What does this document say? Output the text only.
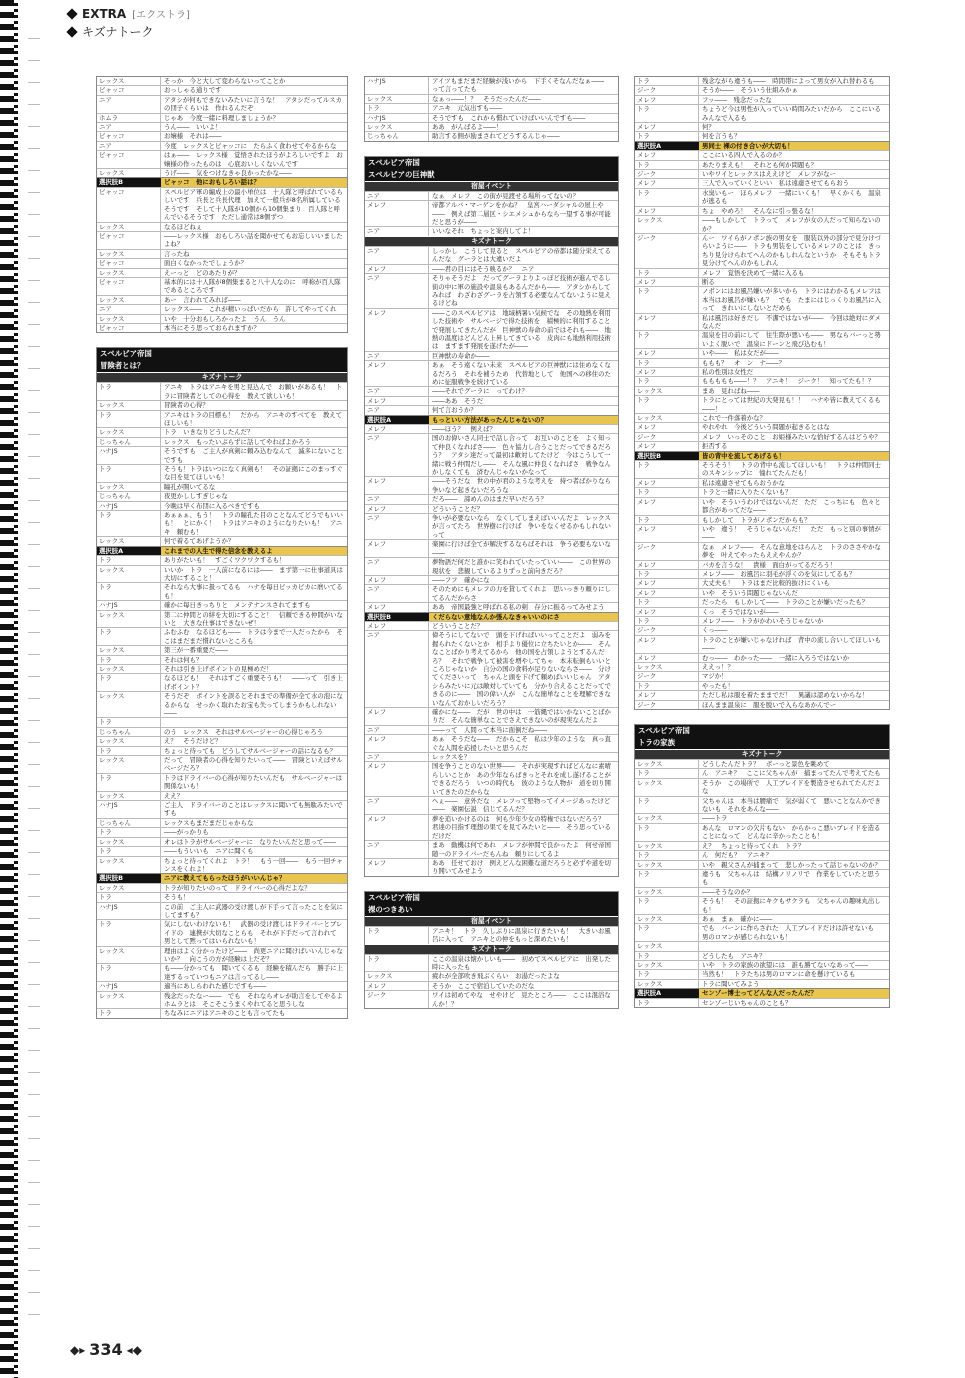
EXTRA [エクストラ]
キズナトーク
レックス	そっか　今と大して変わらないってことか
ビャッコ	おっしゃる通りです
ニア	アタシが何もできないみたいに言うな！　アタシだってルスカの団子くらいは　作れるんだぞ
ホムラ	じゃあ　今度一緒に料理しましょうか？
ニア	うん――　いいよ！
ビャッコ	お嬢様　それは――
ニア	今度　レックスとビャッコに　たらふく食わせてやるからな
ビャッコ	はぁ――　レックス様　覚悟されたほうがよろしいですよ　お嬢様の作ったものは　心底おいしくないんです
レックス	うげ――　気をつけなきゃ良かったかな――
選択肢B	ビャッコ　他におもしろい話は？
ビャッコ	スペルビア軍の編成上の最小単位は　十人隊と呼ばれているらしいです　兵長と兵長代理　加えて一般兵が8名所属しているそうです　そして十人隊が10個から10個集まり　百人隊と呼んでいるそうです　ただし通常は8個ずつ
レックス	なるほどねぇ
ビャッコ	――レックス様　おもしろい話を聞かせてもお忘しいいましたよね？
レックス	言ったね
ビャッコ	面白くなかったでしょうか？
レックス	えーっと　どのあたりが？
ビャッコ	基本的には十人隊が8個集まると八十人なのに　呼称が百人隊であるところです
レックス	あー　言われてみれば――
ニア	レックス――　これが精いっぱいだから　許してやってくれ
レックス	いや　十分おもしろかったよ　うん　うん
ビャッコ	本当にそう思っておられますか？
スペルビア帝国
冒険者とは？
キズナトーク
トラ	アニキ　トラはアニキを男と見込んで　お願いがあるも！　トラに冒険者としての心得を　教えて欲しいも！
レックス	冒険者の心得？
トラ	アニキはトラの目標も！　だから　アニキのすべてを　教えてほしいも！
レックス	トラ　いきなりどうしたんだ？
じっちゃん	レックス　もったいぶらずに話してやればよかろう
ハナJS	そうですも　ご主人が真剣に頼み込むなんて　滅多にないことですも
トラ	そうも！トラはいつになく真剣も！　その証拠にこのまっすぐな目を見てほしいも！
レックス	瞳孔が開いてるな
じっちゃん	夜更かししすぎじゃな
ハナJS	今晩は早く布団に入るべきですも
トラ	あぁぁぁ、もう！　トラの瞳孔た目のことなんてどうでもいいも！　とにかく！　トラはアニキのようになりたいも！　アニキ　頼むも！
レックス	何で着るてあげようか？
選択肢A	これまでの人生で得た信念を教えるよ
トラ	ありがたいも！　すごくワクワクするも！
レックス	いいか　トラ　一人前になるには――　まず第一に仕事道具は大切にすること！
トラ	それなら大事に扱ってるも　ハナを毎日ピッカピカに磨いてるも！
ハナJS	確かに毎日きっちりと　メンテナンスされてますも
レックス	第二に仲間との絆を大切にすること！　信頼できる仲間がいないと　大きな仕事はできないぜ！
トラ	ふむふむ　なるほども――　トラは今まで一人だったから　そこはまだまだ慣れないところも
レックス	第三が一番重要だ――
トラ	それは何も？
レックス	それは引き上げポイントの見極めだ！
トラ	なるほども！　それはすごく重要そうも！　――って　引き上げポイント？
レックス	そうだぞ　ポイントを誤るとそれまでの準備が全て水の泡になるからな　せっかく取れたお宝も失ってしまうかもしれない――
トラ
じっちゃん	のう　レックス　それはサルベージャーの心得じゃろう
レックス	え？　そうだけど？
トラ	ちょっと待っても　どうしてサルベージャーの話になるも？
レックス	だって　冒険者の心得を知りたいって――　冒険といえばサルベージだろ？
トラ	トラはドライバーの心得が知りたいんだも　サルベージャーは関係ないも！
レックス	ええ？
ハナJS	ご主人　ドライバーのことはレックスに聞いても無駄みたいですも
じっちゃん	レックスもまだまだじゃからな
トラ	――がっかりも
レックス	オレはトラがサルベージャーに　なりたいんだと思って――
トラ	――もういいも　ニアに聞くも
レックス	ちょっと待ってくれよ　トラ！　もう一回――　もう一回チャンスをくれよ！
選択肢B	ニアに教えてもらったほうがいいんじゃ？
レックス	トラが知りたいのって　ドライバーの心得だよな？
トラ	そうも！
ハナJS	この前　ご主人に武器の受け渡しが下手って言ったことを気にしてますも？
トラ	気にしないわけないも！　武器の受け渡しはドライバーとブレイドの　連携が大切なことらも　それが下手だって言われて　男として黙ってはいられないも！
レックス	理由はよく分かったけど――　尚更ニアに聞けばいいんじゃないか？　向こうの方が経験は上だぞ？
トラ	も――分かっても　聞いてくるも　経験を積んだら　勝手に上達するっていつもニアは言ってるし――
ハナJS	適当にあしらわれた感じですも――
レックス	残念だったなー――　でも　それならオレが助言をしてやるよ　ホムラとは　そこそこうまくやれてると思うしな
トラ	ちなみにニアはアニキのことも言ってたも
ハナJS	アイツもまだまだ経験が浅いから　下手くそなんだなぁ――　って言ってたも
レックス	なぁっ――！？　そうだったんだ――
トラ	アニキ　元気出すも――
ハナJS	そうですも　これから慣れていけばいいんですも――
レックス	ああ　がんばるよ――！
じっちゃん	助言する側が励まされてどうするんじゃ――
スペルビア帝国
スペルビアの巨神獣
宿屋イベント
ニア	なぁ　メレフ　この街が見渡せる場所ってないの？
メレフ	帝都アルバ・マーゲンをかね？　皇宮ハーダシャルの屋上や――　例えば第二層区・シエメシュからなら一望する事が可能だと思うが――
ニア	いいなそれ　ちょっと案内してよ！
キズナトーク
ニア	しっかし　こうして見ると　スペルビアの帝都は随分栄えてるんだな　グーラとは大違いだよ
メレフ	――君の目にはそう映るか？　ニア
ニア	そりゃそうだよ　だってグーラよりよっぽど技術が進んでるし　街の中に軍の施設や温泉もあるんだから――　アタシからしてみれば　わざわざグーラを占領する必要なんてないように見えるけどね
メレフ	――このスペルビアは　地域柄暑い気候でな　その地熱を利用した技術や　サルベージで得た技術を　積極的に利用することで発展してきたんだが　巨神獣の寿命の前ではそれも――　地熱の温度はどんどん上昇してきている　皮肉にも地熱利用技術は　ますます発展を遂げたが――
ニア	巨神獣の寿命か――
メレフ	あぁ　そう遠くない未来　スペルビアの巨神獣には住めなくなるだろう　それを補うため　代替地として　他国への移住のために征服戦争を続けている
ニア	――それでグーラに　ってわけ？
メレフ	――ああ　そうだ
ニア	何て言おうか？
選択肢A	もっといい方法があったんじゃないの？
メレフ	――ほう？　例えば？
ニア	国のお偉いさん同士で話し合って　お互いのことを　よく知って仲良くなればさ――　色々協力し合うことだってできるだろう？　アタシ達だって最初は敵対してたけど　今はこうして一緒に戦う仲間だし――　そんな風に仲良くなればさ　戦争なんかしなくても　済むんじゃないかなって
メレフ	――そうだな　世の中が君のような考えを　持つ者ばかりなら争いなど起きないだろうな
ニア	だろ――　諦めんのはまだ早いだろう？
メレフ	どういうことだ？
ニア	争いが必要ないなら　なくしてしまえばいいんだよ　レックスが言ってたろ　世界樹に行けば　争いをなくせるかもしれないって
メレフ	楽園に行けば全てが解決するならばそれは　争う必要もないな――
ニア	夢物語だ何だと誰かに笑われていたっていい――　この世界の現状を　悲観しているよりずっと前向きだろ？
メレフ	――フフ　確かにな
ニア	そのためにもメレフの力を貸してくれよ　思いっきり頼りにしてるんだからさ
メレフ	ああ　帝国最強と呼ばれる私の剣　存分に振るってみせよう
選択肢B	くだらない意地なんか張んなきゃいいのにさ
メレフ	どういうことだ？
ニア	偉そうにしてないで　頭を下げればいいってことだよ　弱みを握られたくないとか　相手より優位に立ちたいとか――　そんなことばかり考えてるから　他の国を占領しようとするんだろ？　それで戦争して被害を増やしてちゃ　本末転倒もいいところじゃないか　自分の国の食料が足りないならさ――　分けてくださいって　ちゃんと頭を下げて頼めばいいじゃん　アタシらみたいに元は敵対していても　分かり合えることだってできるのに――　国の偉い人が　こんな簡単なことを理解できないなんておかしいだろう？
メレフ	確かにな――　だが　世の中は　一筋縄ではいかないことばかりだ　そんな簡単なことでさえできないのが現実なんだよ
ニア	――って　人間って本当に面倒だね――
メレフ	あぁ　そうだな――　だからこそ　私は少年のような　真っ直ぐな人間を応援したいと思うんだ
ニア	レックスを？
メレフ	国を争うことのない世界――　それが実現すればどんなに素晴らしいことか　あの少年ならばきっとそれを成し遂げることができるだろう　いつの時代も　彼のような人物が　道を切り開いてきたのだからな
ニア	へぇ――　意外だな　メレフって堅物ってイメージあったけど――　楽園伝説　信じてるんだ？
メレフ	夢を追いかけるのは　何も少年少女の特権ではないだろう？　君達の目指す理想の果てを見てみたいと――　そう思っているだけだ
ニア	まあ　動機は何であれ　メレフが仲間で良かったよ　何せ帝国随一のドライバーだもんね　頼りにしてるよ
メレフ	ああ　任せておけ　例えどんな困難な道だろうと必ずや道を切り開いてみせよう
スペルビア帝国
裸のつきあい
宿屋イベント
トラ	アニキ！　トラ　久しぶりに温泉に行きたいも！　大きいお風呂に入って　アニキとの仲をもっと深めたいも！
キズナトーク
トラ	ここの温泉は懐かしいも――　初めてスペルビアに　出発した時に入ったも
レックス	疲れが全部吹き飛ぶくらい　お湯だったよな
メレフ	そうか　ここで宿泊していたのだな
ジーク	ワイは初めてやな　せやけど　見たところ――　ここは混浴なんか！？
トラ	残念ながら違うも――　時間帯によって男女が入れ替わるも
ジーク	そうか――　そういう仕組みかぁ
メレフ	フッ――　残念だったな
トラ	ちょうど今は男性が入っていい時間みたいだから　ここにいるみんなで入るも
メレフ	何？
トラ	何を言うも？
選択肢A	男同士 裸の付き合いが大切も！
メレフ	ここにいる四人で入るのか？
トラ	あたりまえも！　それとも何か問題も？
ジーク	いやワイとレックスはええけど　メレフがなー
メレフ	三人で入っていくといい　私は遠慮させてもらおう
トラ	水臭いもー　ほらメレフ　一緒にいくも！　早くかくも　温泉が逃るも
メレフ	ちょ　やめろ！　そんなに引っ張るな！
レックス	――もしかして　トラって　メレフが女の人だって知らないのか？
ジーク	んー　ワイらがノポン族の男女を　服装以外の部分で見分けづらいように――　トラも男装をしているメレフのことは　きっちり見分けられてへんのかもしれんなというか　そもそもトラ見分けてへんのかもしれん
トラ	メレフ　覚悟を決めて一緒に入るも
メレフ	断る
トラ	ノポンにはお風呂嫌いが多いから　トラにはわかるもメレフは本当はお風呂が嫌いも？　でも　たまにはじっくりお風呂に入って　きれいにしないとだめも
メレフ	私は風呂は好きだし　不潔ではないが――　今回は絶対にダメなんだ
トラ	温泉を目の前にして　往生際が悪いも――　男ならバーっと勢いよく脱いで　温泉にドーンと飛び込むも！
メレフ	いや――　私は女だが――
トラ	ももも？　オ　ン　ナ――？
メレフ	私の性別は女性だ
トラ	ももももも――！？　アニキ！　ジーク！　知ってたも！？
レックス	まあ　見ればね――
トラ	トラにとっては世紀の大発見も！！　ハナや皆に教えてくるも――！
レックス	これで一件落着かな？
メレフ	やれやれ　今後どういう問題が起きるとはな
ジーク	メレフ　いっそのこと　お姫様みたいな恰好するんはどうや？
メレフ	拒否する
選択肢B	皆の背中を流してあげるも！
トラ	そうそう！　トラの背中も流してほしいも！　トラは仲間同士のスキンシップに　憧れてたんだも！
メレフ	私は遠慮させてもらおうかな
トラ	トラと一緒に入りたくないも？
メレフ	いや　そういうわけではないんだ　ただ　こっちにも　色々と都合があってだな――
トラ	もしかして　トラがノポンだからも？
メレフ	いや　違う！　そうじゃないんだ！　ただ　もっと別の事情が――
ジーク	なぁ　メレフ――　そんな意地をはらんと　トラのささやかな夢を　叶えてやったらええやんか？
メレフ	バカを言うな！　貴様　面白がってるだろう！
トラ	メレフ――　お風呂に羽毛が浮くのを気にしてるも？
メレフ	大丈夫も！　トラはまだ比較的抜けにくいも
メレフ	いや　そういう問題じゃないんだ
トラ	だったら　もしかして――　トラのことが嫌いだったも？
メレフ	くっ　そうではないが――
トラ	メレフ――　トラがかわいそうじゃないか
ジーク	くっ――
メレフ	トラのことが嫌いじゃなければ　背中の流し合いしてほしいも――
メレフ	むっ――　わかった――　一緒に入ろうではないか
レックス	ええっ！？
ジーク	マジか！
トラ	やったも！
メレフ	ただし私は服を着たままでだ！　異議は認めないからな！
ジーク	ほんまま温泉に　服を脱いで入らなあかんでー
スペルビア帝国
トラの家族
キズナトーク
レックス	どうしたんだトラ？　ボーっと景色を眺めて
トラ	ん　アニキ？　ここに父ちゃんが　捕まってたんで考えてたも
レックス	そうか　この場所で　人工ブレイドを製造させられてたんだよな
トラ	父ちゃんは　本当は腰痛で　気が弱くて　悪いことなんかできないも　それをあんな――
レックス	――トラ
トラ	あんな　ロマンの欠片もない　からかっこ悪いブレイドを造ることになって　どんなに辛かったことも！
レックス	え？　ちょっと待ってくれ　トラ？
トラ	ん　何だも？　アニキ？
レックス	いや　親父さんが捕まって　悲しかったって話じゃないのか？
トラ	違うも　父ちゃんは　結構ノリノリで　作業をしていたと思うも
レックス	――そうなのか？
トラ	そうも！　その証拠にキクもサクラも　父ちゃんの趣味丸出しも！
レックス	あぁ　まぁ　確かに――
トラ	でも　バーンに作らされた　人工ブレイドだけは許せないも　男のロマンが感じられないも！
レックス
トラ	どうしたも　アニキ？
レックス	いや　トラの家族の欲望には　誰も勝てないなあって――
トラ	当然も！　トラたちは男のロマンに命を懸けているも
レックス	トラに聞いてみよう
選択肢A	センゾー博士ってどんな人だったんだ？
トラ	センゾーじいちゃんのことも？
◆▸ 334 ◂◆
